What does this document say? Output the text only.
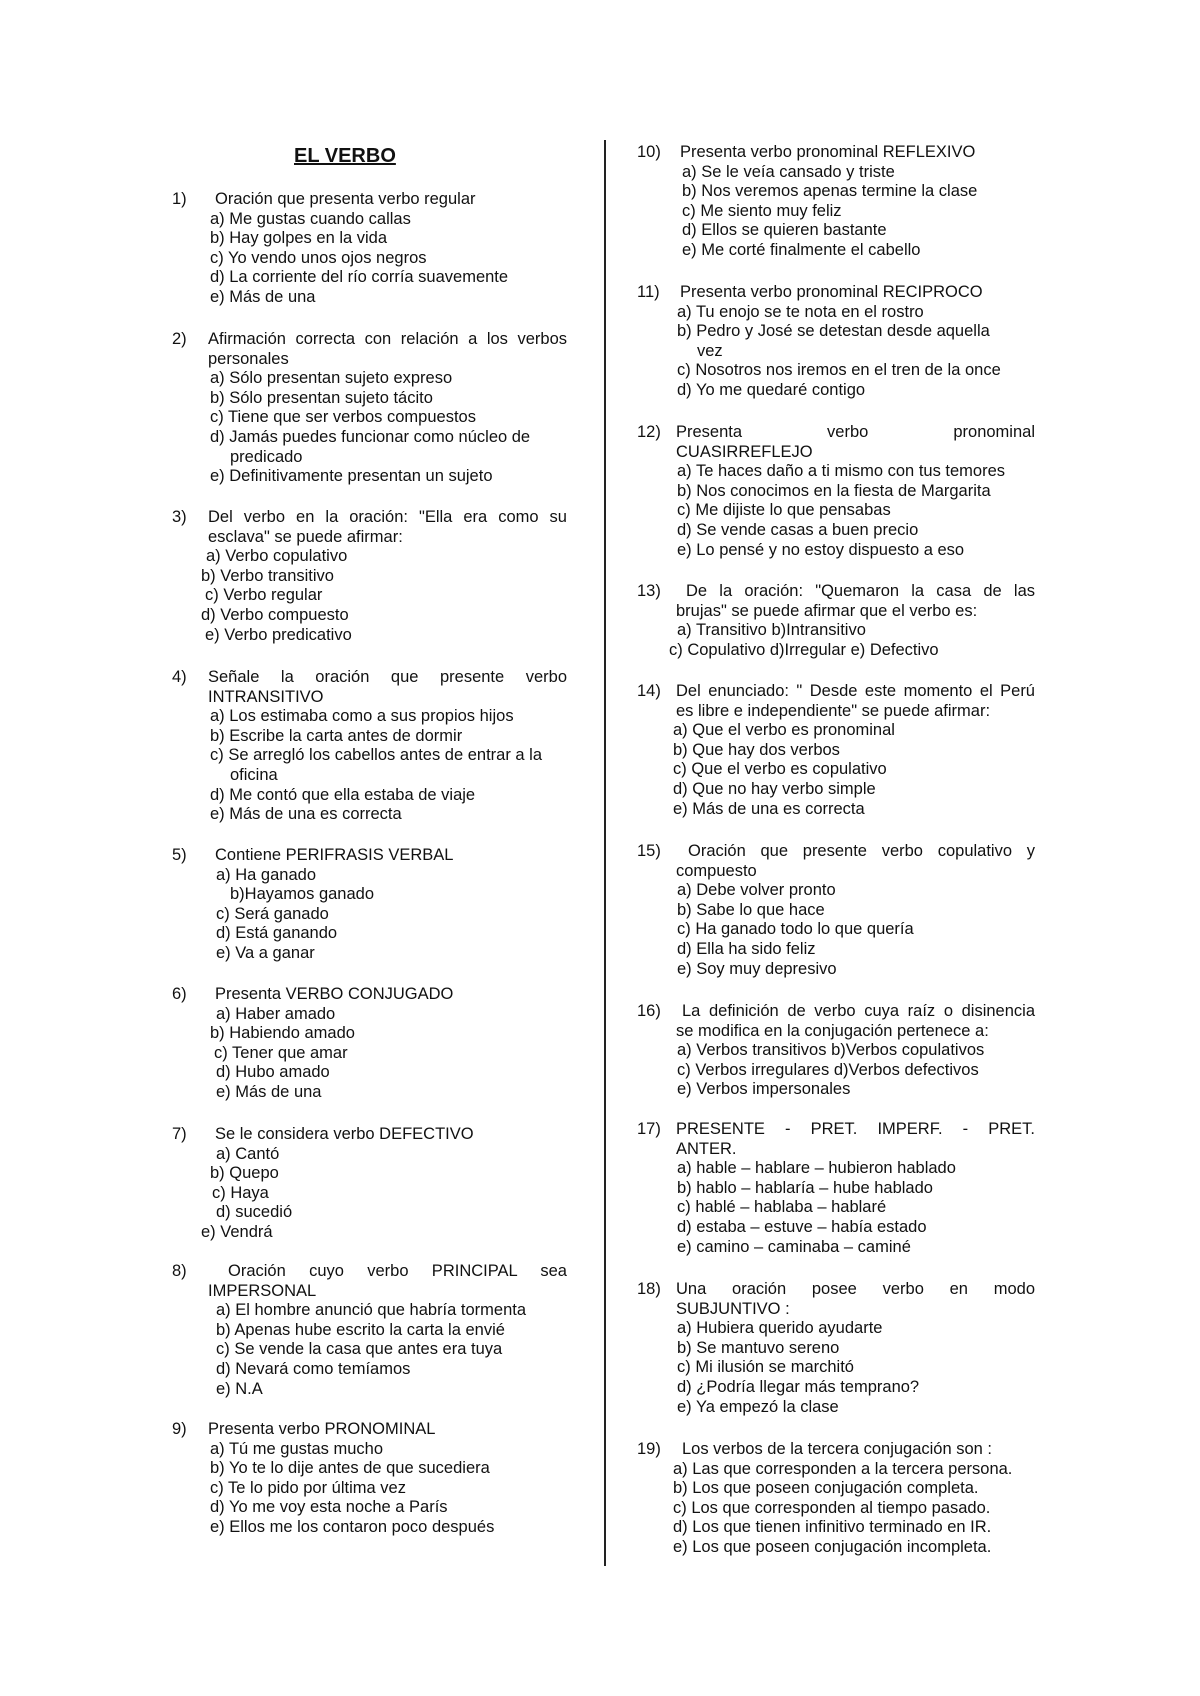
EL VERBO
1) Oración que presenta verbo regular
a) Me gustas cuando callas
b) Hay golpes en la vida
c) Yo vendo unos ojos negros
d) La corriente del río corría suavemente
e) Más de una
2) Afirmación correcta con relación a los verbos
personales
a) Sólo presentan sujeto expreso
b) Sólo presentan sujeto tácito
c) Tiene que ser verbos compuestos
d) Jamás puedes funcionar como núcleo de
predicado
e) Definitivamente presentan un sujeto
3) Del verbo en la oración: "Ella era como su
esclava" se puede afirmar:
a) Verbo copulativo
b) Verbo transitivo
c) Verbo regular
d) Verbo compuesto
e) Verbo predicativo
4) Señale la oración que presente verbo
INTRANSITIVO
a) Los estimaba como a sus propios hijos
b) Escribe la carta antes de dormir
c) Se arregló los cabellos antes de entrar a la
oficina
d) Me contó que ella estaba de viaje
e) Más de una es correcta
5) Contiene PERIFRASIS VERBAL
a) Ha ganado
b)Hayamos ganado
c) Será ganado
d) Está ganando
e) Va a ganar
6) Presenta VERBO CONJUGADO
a) Haber amado
b) Habiendo amado
c) Tener que amar
d) Hubo amado
e) Más de una
7) Se le considera verbo DEFECTIVO
a) Cantó
b) Quepo
c) Haya
d) sucedió
e) Vendrá
8)	Oración cuyo verbo PRINCIPAL sea
IMPERSONAL
a) El hombre anunció que habría tormenta
b) Apenas hube escrito la carta la envié
c) Se vende la casa que antes era tuya
d) Nevará como temíamos
e) N.A
9) Presenta verbo PRONOMINAL
a) Tú me gustas mucho
b) Yo te lo dije antes de que sucediera
c) Te lo pido por última vez
d) Yo me voy esta noche a París
e) Ellos me los contaron poco después
10) Presenta verbo pronominal REFLEXIVO
a) Se le veía cansado y triste
b) Nos veremos apenas termine la clase
c) Me siento muy feliz
d) Ellos se quieren bastante
e) Me corté finalmente el cabello
11) Presenta verbo pronominal RECIPROCO
a) Tu enojo se te nota en el rostro
b) Pedro y José se detestan desde aquella
vez
c) Nosotros nos iremos en el tren de la once
d) Yo me quedaré contigo
12) Presenta verbo pronominal
CUASIRREFLEJO
a) Te haces daño a ti mismo con tus temores
b) Nos conocimos en la fiesta de Margarita
c) Me dijiste lo que pensabas
d) Se vende casas a buen precio
e) Lo pensé y no estoy dispuesto a eso
13) De la oración: "Quemaron la casa de las
brujas" se puede afirmar que el verbo es:
a) Transitivo b)Intransitivo
c) Copulativo d)Irregular e) Defectivo
14) Del enunciado: " Desde este momento el Perú
es libre e independiente" se puede afirmar:
a) Que el verbo es pronominal
b) Que hay dos verbos
c) Que el verbo es copulativo
d) Que no hay verbo simple
e) Más de una es correcta
15) Oración que presente verbo copulativo y
compuesto
a) Debe volver pronto
b) Sabe lo que hace
c) Ha ganado todo lo que quería
d) Ella ha sido feliz
e) Soy muy depresivo
16) La definición de verbo cuya raíz o disinencia
se modifica en la conjugación pertenece a:
a) Verbos transitivos b)Verbos copulativos
c) Verbos irregulares d)Verbos defectivos
e) Verbos impersonales
17) PRESENTE - PRET. IMPERF. - PRET.
ANTER.
a) hable – hablare – hubieron hablado
b) hablo – hablaría – hube hablado
c) hablé – hablaba – hablaré
d) estaba – estuve – había estado
e) camino – caminaba – caminé
18) Una oración posee verbo en modo
SUBJUNTIVO :
a) Hubiera querido ayudarte
b) Se mantuvo sereno
c) Mi ilusión se marchitó
d) ¿Podría llegar más temprano?
e) Ya empezó la clase
19) Los verbos de la tercera conjugación son :
a) Las que corresponden a la tercera persona.
b) Los que poseen conjugación completa.
c) Los que corresponden al tiempo pasado.
d) Los que tienen infinitivo terminado en IR.
e) Los que poseen conjugación incompleta.
